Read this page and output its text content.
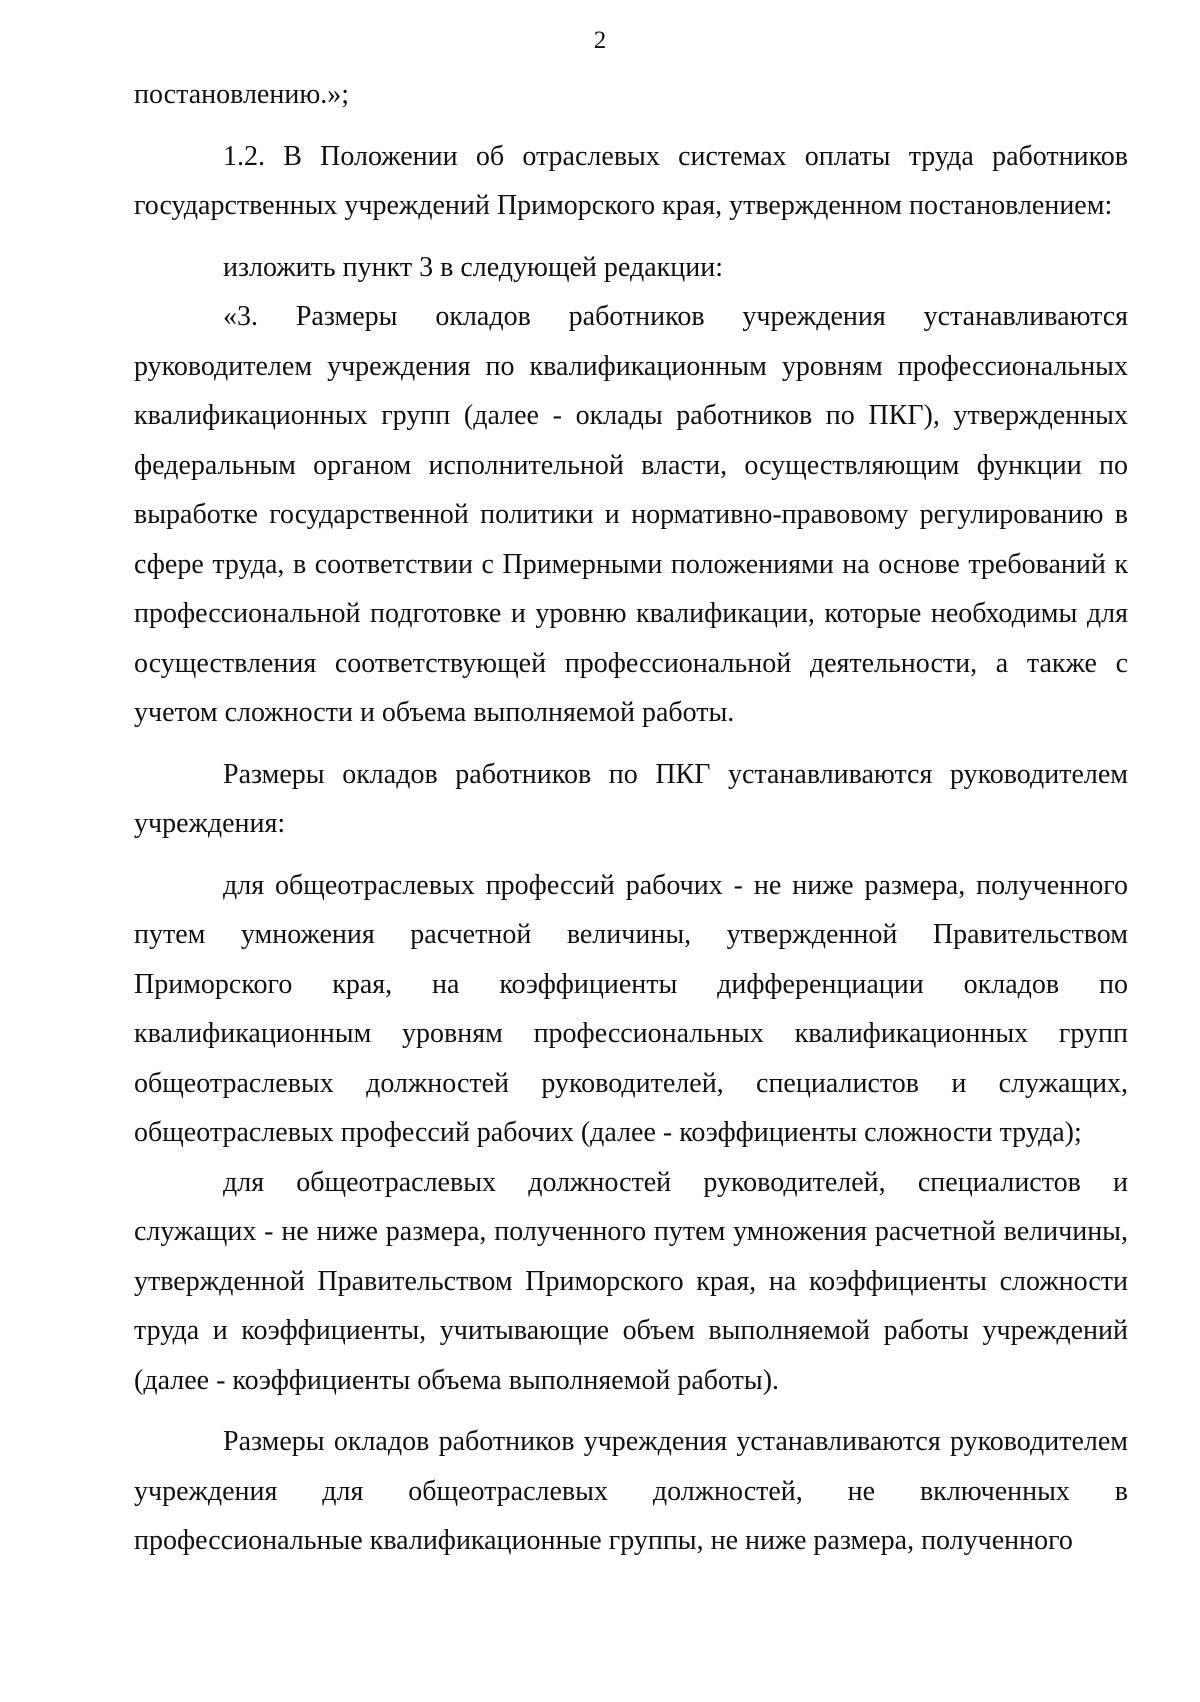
2

постановлению.»;

1.2. В Положении об отраслевых системах оплаты труда работников государственных учреждений Приморского края, утвержденном постановлением:

изложить пункт 3 в следующей редакции:

«3. Размеры окладов работников учреждения устанавливаются руководителем учреждения по квалификационным уровням профессиональных квалификационных групп (далее - оклады работников по ПКГ), утвержденных федеральным органом исполнительной власти, осуществляющим функции по выработке государственной политики и нормативно-правовому регулированию в сфере труда, в соответствии с Примерными положениями на основе требований к профессиональной подготовке и уровню квалификации, которые необходимы для осуществления соответствующей профессиональной деятельности, а также с учетом сложности и объема выполняемой работы.

Размеры окладов работников по ПКГ устанавливаются руководителем учреждения:

для общеотраслевых профессий рабочих - не ниже размера, полученного путем умножения расчетной величины, утвержденной Правительством Приморского края, на коэффициенты дифференциации окладов по квалификационным уровням профессиональных квалификационных групп общеотраслевых должностей руководителей, специалистов и служащих, общеотраслевых профессий рабочих (далее - коэффициенты сложности труда);

для общеотраслевых должностей руководителей, специалистов и служащих - не ниже размера, полученного путем умножения расчетной величины, утвержденной Правительством Приморского края, на коэффициенты сложности труда и коэффициенты, учитывающие объем выполняемой работы учреждений (далее - коэффициенты объема выполняемой работы).

Размеры окладов работников учреждения устанавливаются руководителем учреждения для общеотраслевых должностей, не включенных в профессиональные квалификационные группы, не ниже размера, полученного
